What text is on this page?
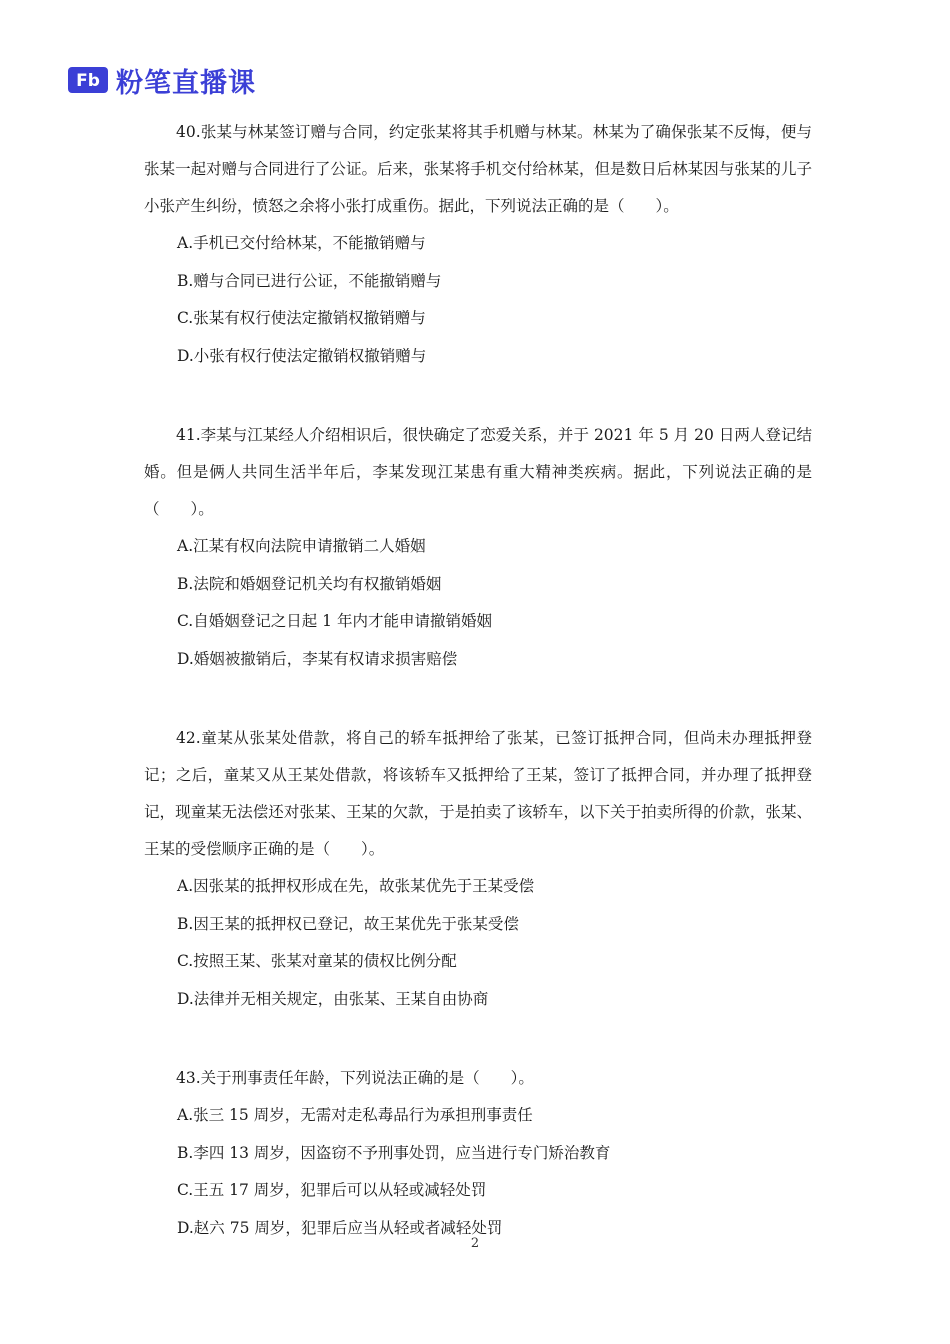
Fb 粉笔直播课

40.张某与林某签订赠与合同，约定张某将其手机赠与林某。林某为了确保张某不反悔，便与张某一起对赠与合同进行了公证。后来，张某将手机交付给林某，但是数日后林某因与张某的儿子小张产生纠纷，愤怒之余将小张打成重伤。据此，下列说法正确的是（　　）。

A.手机已交付给林某，不能撤销赠与
B.赠与合同已进行公证，不能撤销赠与
C.张某有权行使法定撤销权撤销赠与
D.小张有权行使法定撤销权撤销赠与

41.李某与江某经人介绍相识后，很快确定了恋爱关系，并于 2021 年 5 月 20 日两人登记结婚。但是俩人共同生活半年后，李某发现江某患有重大精神类疾病。据此，下列说法正确的是（　　）。

A.江某有权向法院申请撤销二人婚姻
B.法院和婚姻登记机关均有权撤销婚姻
C.自婚姻登记之日起 1 年内才能申请撤销婚姻
D.婚姻被撤销后，李某有权请求损害赔偿

42.童某从张某处借款，将自己的轿车抵押给了张某，已签订抵押合同，但尚未办理抵押登记；之后，童某又从王某处借款，将该轿车又抵押给了王某，签订了抵押合同，并办理了抵押登记，现童某无法偿还对张某、王某的欠款，于是拍卖了该轿车，以下关于拍卖所得的价款，张某、王某的受偿顺序正确的是（　　）。

A.因张某的抵押权形成在先，故张某优先于王某受偿
B.因王某的抵押权已登记，故王某优先于张某受偿
C.按照王某、张某对童某的债权比例分配
D.法律并无相关规定，由张某、王某自由协商

43.关于刑事责任年龄，下列说法正确的是（　　）。

A.张三 15 周岁，无需对走私毒品行为承担刑事责任
B.李四 13 周岁，因盗窃不予刑事处罚，应当进行专门矫治教育
C.王五 17 周岁，犯罪后可以从轻或减轻处罚
D.赵六 75 周岁，犯罪后应当从轻或者减轻处罚
2
